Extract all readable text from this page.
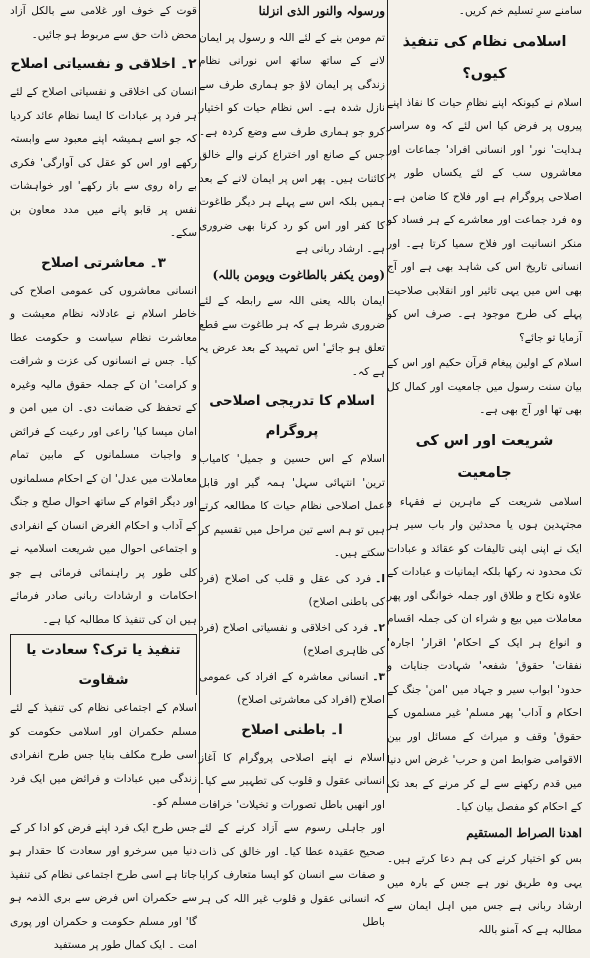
سامنے سرِ تسلیم خم کریں۔

اسلامی نظام کی تنفیذ کیوں؟

اسلام نے کیونکہ اپنے نظامِ حیات کا نفاذ اپنے پیروں پر فرض کیا اس لئے کہ وہ سراسر ہدایت' نور' اور انسانی افراد' جماعات اور معاشروں سب کے لئے یکساں طور پر اصلاحی پروگرام ہے اور فلاح کا ضامن ہے۔ وہ فرد جماعت اور معاشرے کے ہر فساد کو منکر انسانیت اور فلاح سمیا کرتا ہے۔ اور انسانی تاریخ اس کی شاہد بھی ہے اور آج بھی اس میں یہی تاثیر اور انقلابی صلاحیت پہلے کی طرح موجود ہے۔ صرف اس کو آزمایا تو جائے؟

اسلام کے اولین پیغام قرآن حکیم اور اس کے بیان سنت رسول میں جامعیت اور کمال کل بھی تھا اور آج بھی ہے۔

شریعت اور اس کی جامعیت

اسلامی شریعت کے ماہرین نے فقہاء و مجتہدین ہوں یا محدثین وار باب سیر ہر ایک نے اپنی اپنی تالیفات کو عقائد و عبادات تک محدود نہ رکھا بلکہ ایمانیات و عبادات کے علاوہ نکاح و طلاق اور جملہ خوانگی اور پھر معاملات میں بیع و شراء ان کی جملہ اقسام و انواع ہر ایک کے احکام' اقرار' اجارہ' نفقات' حقوق' شفعہ' شہادت جنایات و حدود' ابواب سیر و جہاد میں 'امن' جنگ کے احکام و آداب' پھر مسلم' غیر مسلموں کے حقوق' وقف و میراث کے مسائل اور بین الاقوامی ضوابط امن و حرب' غرض اس دنیا میں قدم رکھنے سے لے کر مرنے کے بعد تک کے احکام کو مفصل بیان کیا۔

اهدنا الصراط المستقیم

بس کو اختیار کرنے کی ہم دعا کرتے ہیں۔ یہی وہ طریق نور ہے جس کے بارہ میں ارشاد ربانی ہے جس میں اہل ایمان سے مطالبہ ہے کہ آمنو باللہ

ورسولہ والنور الذی انزلنا

تم مومن بنے کے لئے اللہ و رسول پر ایمان لانے کے ساتھ ساتھ اس نورانی نظام زندگی پر ایمان لاؤ جو ہماری طرف سے نازل شدہ ہے۔ اس نظام حیات کو اختیار کرو جو ہماری طرف سے وضع کردہ ہے۔ جس کے صانع اور اختراع کرنے والے خالق کائنات ہیں۔ پھر اس پر ایمان لانے کے بعد ہمیں بلکہ اس سے پہلے ہر دیگر طاغوت کا کفر اور اس کو رد کرنا بھی ضروری ہے۔ ارشاد ربانی ہے

(ومن یکفر بالطاغوت ویومن باللہ)

ایمان باللہ یعنی اللہ سے رابطہ کے لئے ضروری شرط ہے کہ ہر طاغوت سے قطع تعلق ہو جائے' اس تمہید کے بعد عرض یہ ہے کہ۔

اسلام کا تدریجی اصلاحی پروگرام

اسلام کے اس حسین و جمیل' کامیاب ترین' انتہائی سہل' ہمہ گیر اور قابل عمل اصلاحی نظام حیات کا مطالعہ کرتے ہیں تو ہم اسے تین مراحل میں تقسیم کر سکتے ہیں۔

ا۔فرد کی عقل و قلب کی اصلاح (فرد کی باطنی اصلاح)

۲۔فرد کی اخلاقی و نفسیاتی اصلاح (فرد کی ظاہری اصلاح)

۳۔انسانی معاشرہ کے افراد کی عمومی اصلاح (افراد کی معاشرتی اصلاح)

ا۔ باطنی اصلاح

اسلام نے اپنے اصلاحی پروگرام کا آغاز انسانی عقول و قلوب کی تطہیر سے کیا۔ اور انھیں باطل تصورات و تخیلات' خرافات اور جاہلی رسوم سے آزاد کرنے کے لئے صحیح عقیدہ عطا کیا۔ اور خالق کی ذات و صفات سے انسان کو ایسا متعارف کرایا کہ انسانی عقول و قلوب غیر اللہ کی ہر باطل

قوت کے خوف اور غلامی سے بالکل آزاد محض ذات حق سے مربوط ہو جائیں۔

۲۔ اخلاقی و نفسیاتی اصلاح

انسان کی اخلاقی و نفسیاتی اصلاح کے لئے ہر فرد پر عبادات کا ایسا نظام عائد کردیا کہ جو اسے ہمیشہ اپنے معبود سے وابستہ رکھے اور اس کو عقل کی آوارگی' فکری بے راہ روی سے باز رکھے' اور خواہشات نفس پر قابو پانے میں مدد معاون بن سکے۔

۳۔ معاشرتی اصلاح

انسانی معاشروں کی عمومی اصلاح کی خاطر اسلام نے عادلانہ نظام معیشت و معاشرت نظام سیاست و حکومت عطا کیا۔ جس نے انسانوں کی عزت و شرافت و کرامت' ان کے جملہ حقوق مالیہ وغیرہ کے تحفظ کی ضمانت دی۔ ان میں امن و امان میسا کیا' راعی اور رعیت کے فرائض و واجبات مسلمانوں کے مابین تمام معاملات میں عدل' ان کے احکام مسلمانوں اور دیگر اقوام کے ساتھ احوال صلح و جنگ کے آداب و احکام الغرض انسان کے انفرادی و اجتماعی احوال میں شریعت اسلامیہ نے کلی طور پر راہنمائی فرمائی ہے جو احکامات و ارشادات ربانی صادر فرمائے ہیں ان کی تنفیذ کا مطالبہ کیا ہے۔

تنفیذ یا ترک؟ سعادت یا شقاوت

اسلام کے اجتماعی نظام کی تنفیذ کے لئے مسلم حکمران اور اسلامی حکومت کو اسی طرح مکلف بنایا جس طرح انفرادی زندگی میں عبادات و فرائض میں ایک فرد مسلم کو۔

جس طرح ایک فرد اپنے فرض کو ادا کر کے دنیا میں سرخرو اور سعادت کا حقدار ہو جاتا ہے اسی طرح اجتماعی نظام کی تنفیذ سے حکمران اس فرض سے بری الذمہ ہو گا' اور مسلم حکومت و حکمران اور پوری امت ۔ ایک کمال طور پر مستفید
